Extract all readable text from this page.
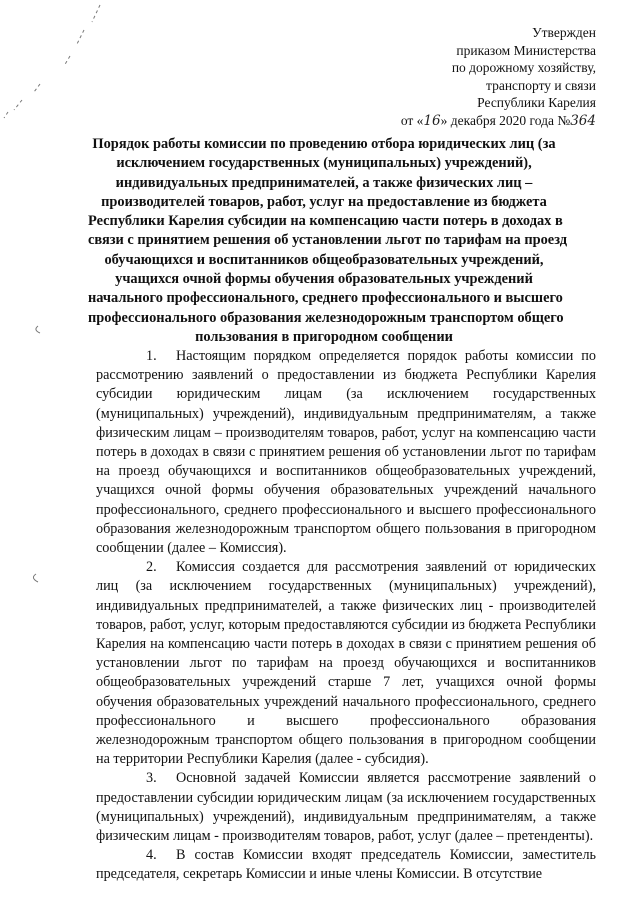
Утвержден
приказом Министерства
по дорожному хозяйству,
транспорту и связи
Республики Карелия
от «16» декабря 2020 года №364
Порядок работы комиссии по проведению отбора юридических лиц (за
исключением государственных (муниципальных) учреждений),
индивидуальных предпринимателей, а также физических лиц –
производителей товаров, работ, услуг на предоставление из бюджета
Республики Карелия субсидии на компенсацию части потерь в доходах в
связи с принятием решения об установлении льгот по тарифам на проезд
обучающихся и воспитанников общеобразовательных учреждений,
учащихся очной формы обучения образовательных учреждений
начального профессионального, среднего профессионального и высшего
профессионального образования железнодорожным транспортом общего
пользования в пригородном сообщении

1. Настоящим порядком определяется порядок работы комиссии по рассмотрению заявлений о предоставлении из бюджета Республики Карелия субсидии юридическим лицам (за исключением государственных (муниципальных) учреждений), индивидуальным предпринимателям, а также физическим лицам – производителям товаров, работ, услуг на компенсацию части потерь в доходах в связи с принятием решения об установлении льгот по тарифам на проезд обучающихся и воспитанников общеобразовательных учреждений, учащихся очной формы обучения образовательных учреждений начального профессионального, среднего профессионального и высшего профессионального образования железнодорожным транспортом общего пользования в пригородном сообщении (далее – Комиссия).

2. Комиссия создается для рассмотрения заявлений от юридических лиц (за исключением государственных (муниципальных) учреждений), индивидуальных предпринимателей, а также физических лиц - производителей товаров, работ, услуг, которым предоставляются субсидии из бюджета Республики Карелия на компенсацию части потерь в доходах в связи с принятием решения об установлении льгот по тарифам на проезд обучающихся и воспитанников общеобразовательных учреждений старше 7 лет, учащихся очной формы обучения образовательных учреждений начального профессионального, среднего профессионального и высшего профессионального образования железнодорожным транспортом общего пользования в пригородном сообщении на территории Республики Карелия (далее - субсидия).

3. Основной задачей Комиссии является рассмотрение заявлений о предоставлении субсидии юридическим лицам (за исключением государственных (муниципальных) учреждений), индивидуальным предпринимателям, а также физическим лицам - производителям товаров, работ, услуг (далее – претенденты).

4. В состав Комиссии входят председатель Комиссии, заместитель председателя, секретарь Комиссии и иные члены Комиссии. В отсутствие
